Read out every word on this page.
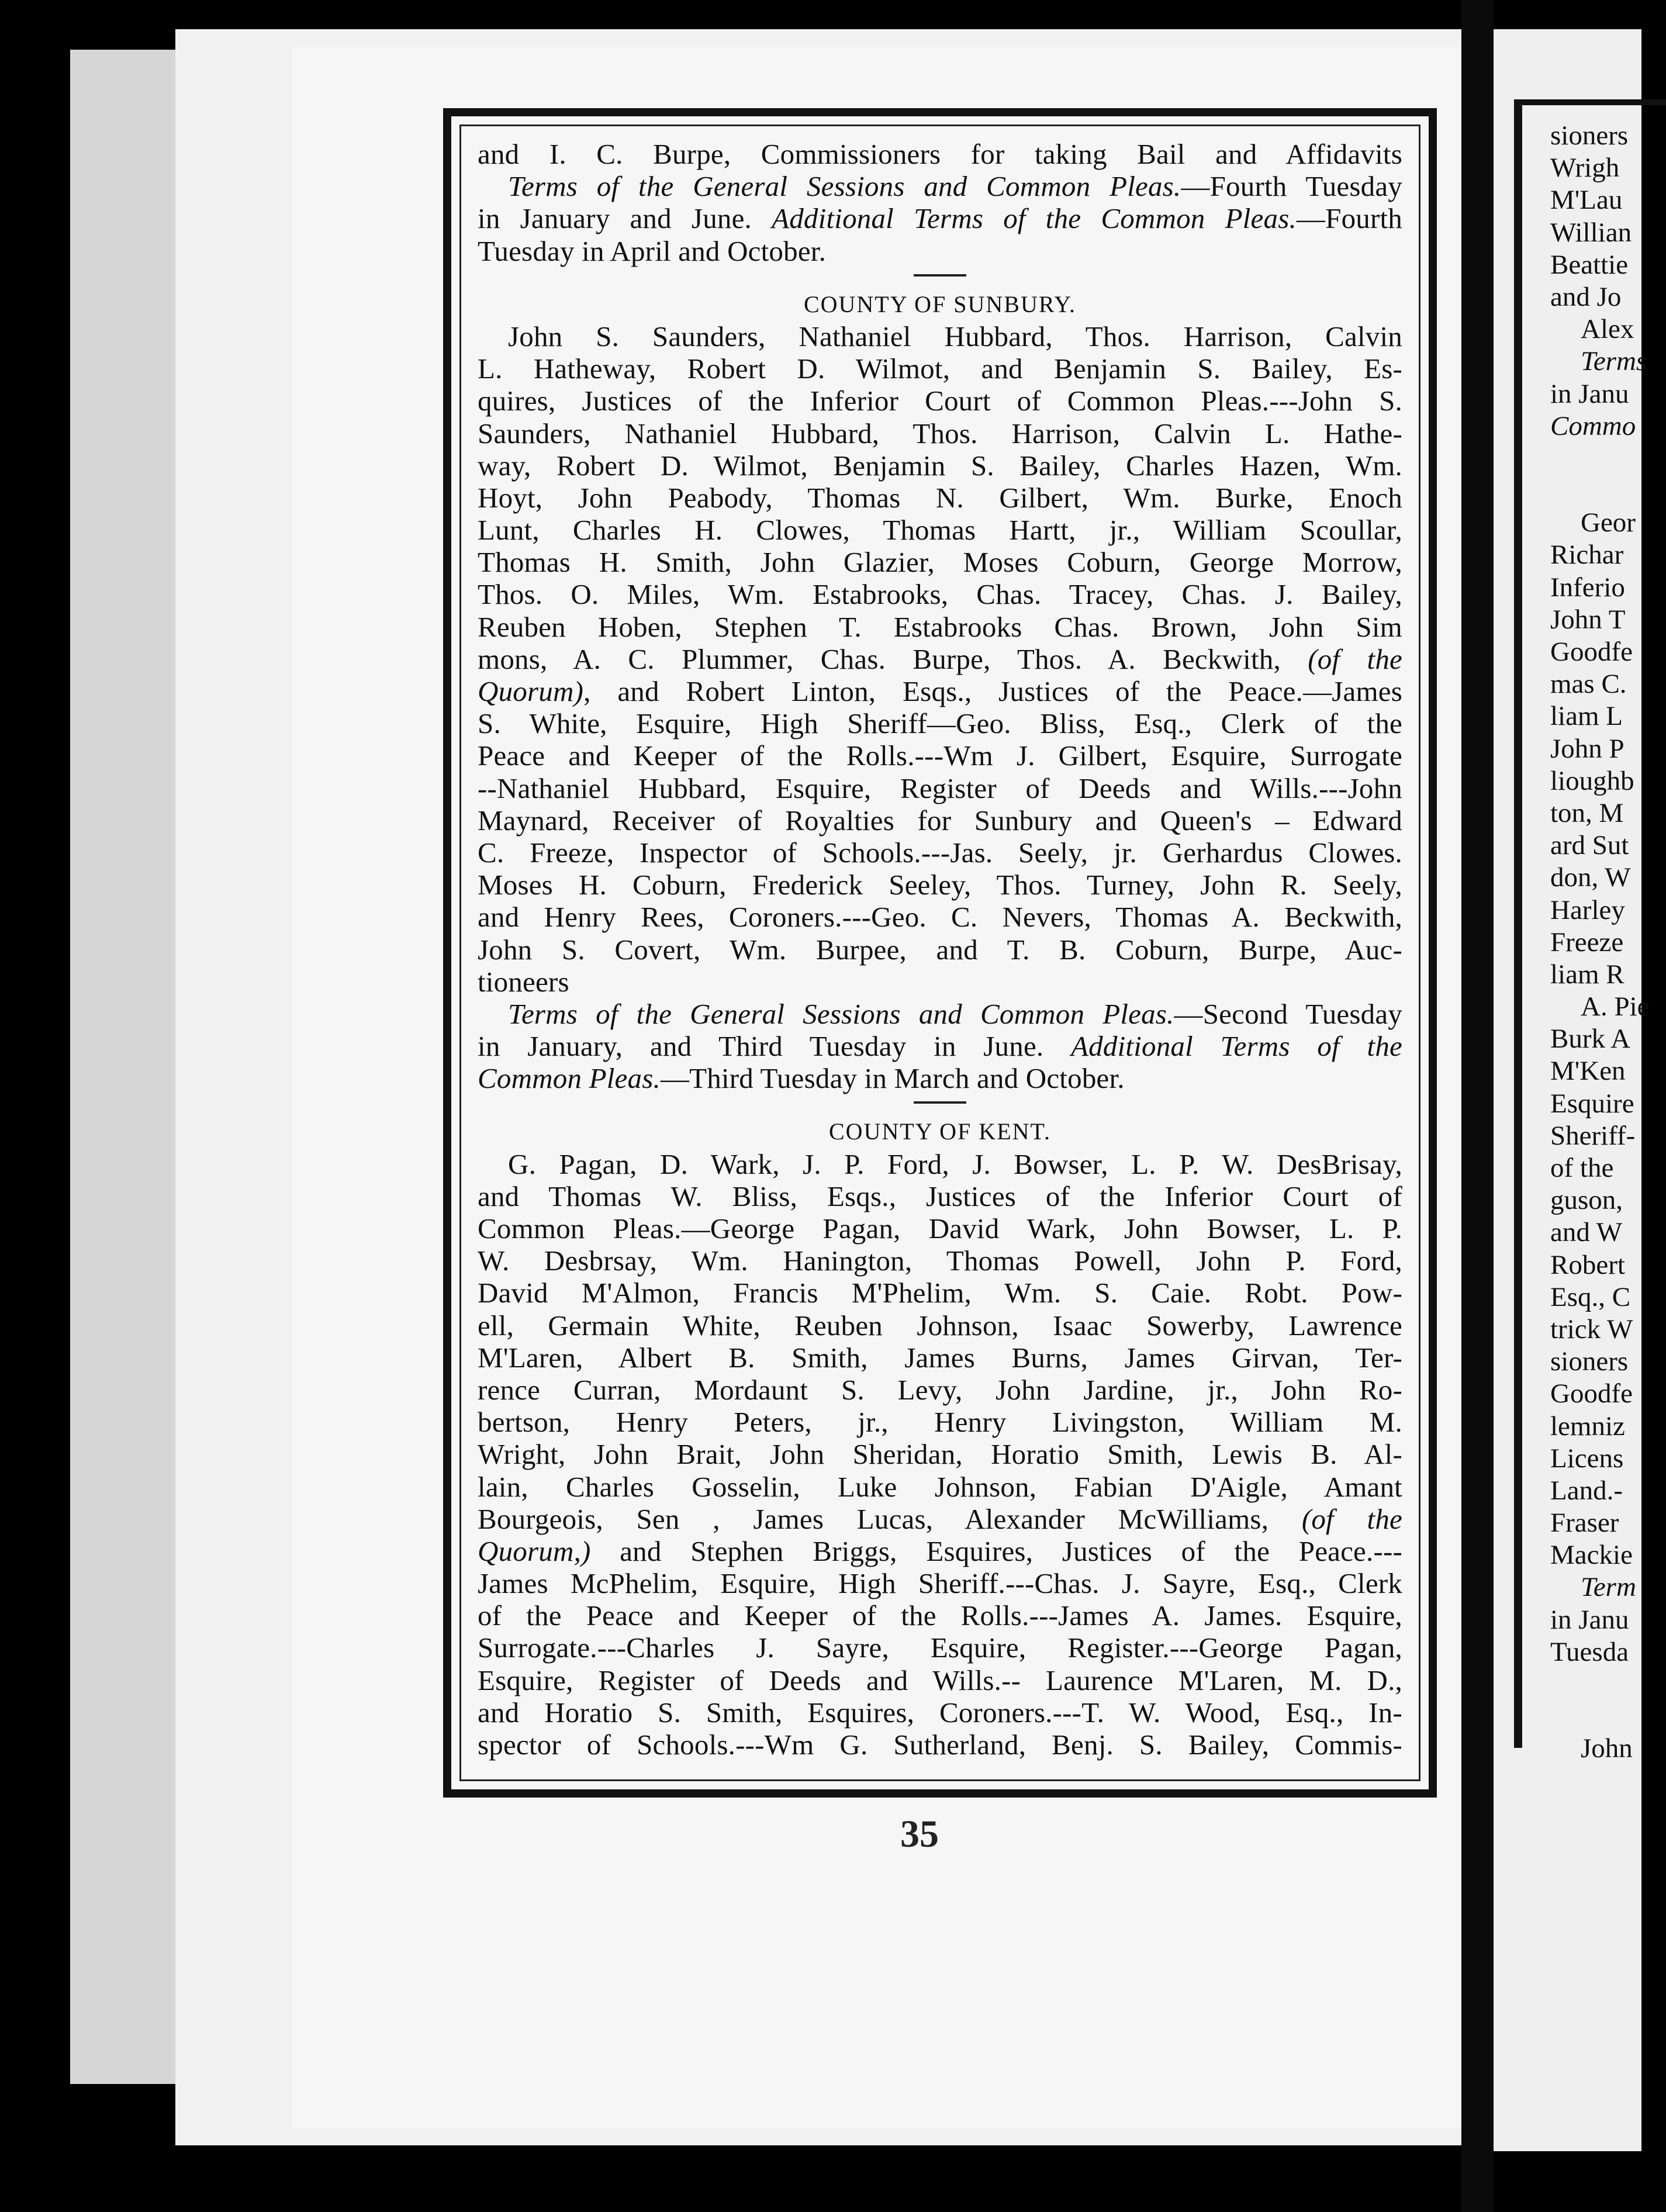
and I. C. Burpe, Commissioners for taking Bail and Affidavits
Terms of the General Sessions and Common Pleas.—Fourth Tuesday
in January and June. Additional Terms of the Common Pleas.—Fourth
Tuesday in April and October.
COUNTY OF SUNBURY.
John S. Saunders, Nathaniel Hubbard, Thos. Harrison, Calvin
L. Hatheway, Robert D. Wilmot, and Benjamin S. Bailey, Es-
quires, Justices of the Inferior Court of Common Pleas.---John S.
Saunders, Nathaniel Hubbard, Thos. Harrison, Calvin L. Hathe-
way, Robert D. Wilmot, Benjamin S. Bailey, Charles Hazen, Wm.
Hoyt, John Peabody, Thomas N. Gilbert, Wm. Burke, Enoch
Lunt, Charles H. Clowes, Thomas Hartt, jr., William Scoullar,
Thomas H. Smith, John Glazier, Moses Coburn, George Morrow,
Thos. O. Miles, Wm. Estabrooks, Chas. Tracey, Chas. J. Bailey,
Reuben Hoben, Stephen T. Estabrooks Chas. Brown, John Sim
mons, A. C. Plummer, Chas. Burpe, Thos. A. Beckwith, (of the
Quorum), and Robert Linton, Esqs., Justices of the Peace.—James
S. White, Esquire, High Sheriff—Geo. Bliss, Esq., Clerk of the
Peace and Keeper of the Rolls.---Wm J. Gilbert, Esquire, Surrogate
--Nathaniel Hubbard, Esquire, Register of Deeds and Wills.---John
Maynard, Receiver of Royalties for Sunbury and Queen's – Edward
C. Freeze, Inspector of Schools.---Jas. Seely, jr. Gerhardus Clowes.
Moses H. Coburn, Frederick Seeley, Thos. Turney, John R. Seely,
and Henry Rees, Coroners.---Geo. C. Nevers, Thomas A. Beckwith,
John S. Covert, Wm. Burpee, and T. B. Coburn, Burpe, Auc-
tioneers
Terms of the General Sessions and Common Pleas.—Second Tuesday
in January, and Third Tuesday in June. Additional Terms of the
Common Pleas.—Third Tuesday in March and October.
COUNTY OF KENT.
G. Pagan, D. Wark, J. P. Ford, J. Bowser, L. P. W. DesBrisay,
and Thomas W. Bliss, Esqs., Justices of the Inferior Court of
Common Pleas.—George Pagan, David Wark, John Bowser, L. P.
W. Desbrsay, Wm. Hanington, Thomas Powell, John P. Ford,
David M'Almon, Francis M'Phelim, Wm. S. Caie. Robt. Pow-
ell, Germain White, Reuben Johnson, Isaac Sowerby, Lawrence
M'Laren, Albert B. Smith, James Burns, James Girvan, Ter-
rence Curran, Mordaunt S. Levy, John Jardine, jr., John Ro-
bertson, Henry Peters, jr., Henry Livingston, William M.
Wright, John Brait, John Sheridan, Horatio Smith, Lewis B. Al-
lain, Charles Gosselin, Luke Johnson, Fabian D'Aigle, Amant
Bourgeois, Sen , James Lucas, Alexander McWilliams, (of the
Quorum,) and Stephen Briggs, Esquires, Justices of the Peace.---
James McPhelim, Esquire, High Sheriff.---Chas. J. Sayre, Esq., Clerk
of the Peace and Keeper of the Rolls.---James A. James. Esquire,
Surrogate.---Charles J. Sayre, Esquire, Register.---George Pagan,
Esquire, Register of Deeds and Wills.-- Laurence M'Laren, M. D.,
and Horatio S. Smith, Esquires, Coroners.---T. W. Wood, Esq., In-
spector of Schools.---Wm G. Sutherland, Benj. S. Bailey, Commis-
35
sioners
Wrigh
M'Lau
Willian
Beattie
and Jo
Alex
Terms
in Janu
Commo
Geor
Richar
Inferio
John T
Goodfe
mas C.
liam L
John P
lioughb
ton, M
ard Sut
don, W
Harley
Freeze
liam R
A. Pie
Burk A
M'Ken
Esquire
Sheriff-
of the
guson,
and W
Robert
Esq., C
trick W
sioners
Goodfe
lemniz
Licens
Land.-
Fraser
Mackie
Term
in Janu
Tuesda
John
